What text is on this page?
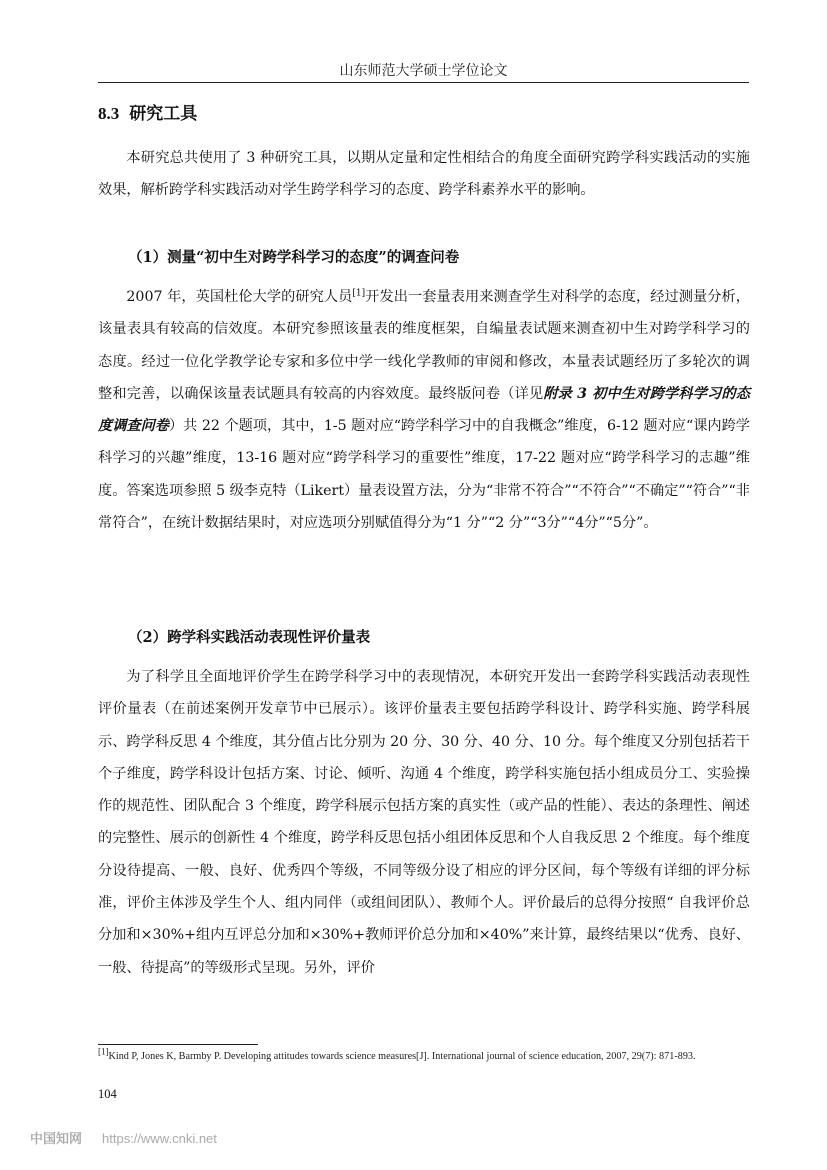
山东师范大学硕士学位论文
8.3 研究工具

本研究总共使用了 3 种研究工具，以期从定量和定性相结合的角度全面研究跨学科实践活动的实施效果，解析跨学科实践活动对学生跨学科学习的态度、跨学科素养水平的影响。

（1）测量“初中生对跨学科学习的态度”的调查问卷

2007 年，英国杜伦大学的研究人员[1]开发出一套量表用来测查学生对科学的态度，经过测量分析，该量表具有较高的信效度。本研究参照该量表的维度框架，自编量表试题来测查初中生对跨学科学习的态度。经过一位化学教学论专家和多位中学一线化学教师的审阅和修改，本量表试题经历了多轮次的调整和完善，以确保该量表试题具有较高的内容效度。最终版问卷（详见附录 3 初中生对跨学科学习的态度调查问卷）共 22 个题项，其中，1-5 题对应“跨学科学习中的自我概念”维度，6-12 题对应“课内跨学科学习的兴趣”维度，13-16 题对应“跨学科学习的重要性”维度，17-22 题对应“跨学科学习的志趣”维度。答案选项参照 5 级李克特（Likert）量表设置方法，分为“非常不符合”“不符合”“不确定”“符合”“非常符合”，在统计数据结果时，对应选项分别赋值得分为“1 分”“2 分”“3分”“4分”“5分”。

（2）跨学科实践活动表现性评价量表

为了科学且全面地评价学生在跨学科学习中的表现情况，本研究开发出一套跨学科实践活动表现性评价量表（在前述案例开发章节中已展示）。该评价量表主要包括跨学科设计、跨学科实施、跨学科展示、跨学科反思 4 个维度，其分值占比分别为 20 分、30 分、40 分、10 分。每个维度又分别包括若干个子维度，跨学科设计包括方案、讨论、倾听、沟通 4 个维度，跨学科实施包括小组成员分工、实验操作的规范性、团队配合 3 个维度，跨学科展示包括方案的真实性（或产品的性能）、表达的条理性、阐述的完整性、展示的创新性 4 个维度，跨学科反思包括小组团体反思和个人自我反思 2 个维度。每个维度分设待提高、一般、良好、优秀四个等级，不同等级分设了相应的评分区间，每个等级有详细的评分标准，评价主体涉及学生个人、组内同伴（或组间团队）、教师个人。评价最后的总得分按照“ 自我评价总分加和×30%+组内互评总分加和×30%+教师评价总分加和×40%”来计算，最终结果以“优秀、良好、一般、待提高”的等级形式呈现。另外，评价

[1]Kind P, Jones K, Barmby P. Developing attitudes towards science measures[J]. International journal of science education, 2007, 29(7): 871-893.

104
中国知网 https://www.cnki.net
